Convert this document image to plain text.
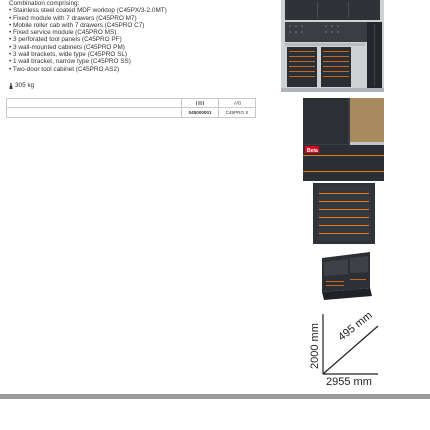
Combination comprising:
• Stainless steel coated MDF worktop (C45PX/3-2.0MT)
• Fixed module with 7 drawers (C45PRO M7)
• Mobile roller cab with 7 drawers (C45PRO C7)
• Fixed service module (C45PRO MS)
• 3 perforated tool panels (C45PRO PF)
• 3 wall-mounted cabinets (C45PRO PM)
• 3 wall brackets, wide type (C45PRO SL)
• 1 wall bracket, narrow type (C45PRO SS)
• Two-door tool cabinet (C45PRO AS2)
305 kg

	045000001	C45PRO X
Beta
2000 mm 495 mm
2955 mm
